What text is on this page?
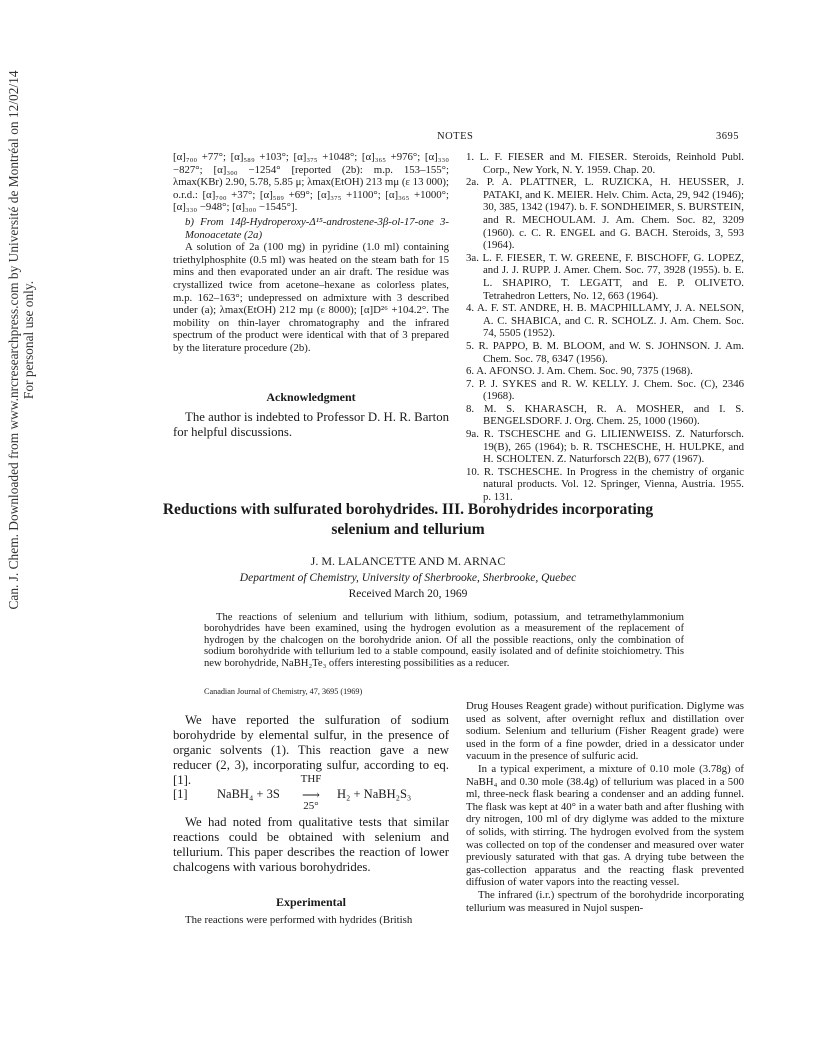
Can. J. Chem. Downloaded from www.nrcresearchpress.com by Université de Montréal on 12/02/14 For personal use only.
NOTES	3695

[α]₇₀₀ +77°; [α]₅₈₉ +103°; [α]₃₇₅ +1048°; [α]₃₆₅ +976°; [α]₃₃₀ −827°; [α]₃₀₀ −1254° [reported (2b): m.p. 153–155°; λmax(KBr) 2.90, 5.78, 5.85 μ; λmax(EtOH) 213 mμ (ε 13 000); o.r.d.: [α]₇₀₀ +37°; [α]₅₈₉ +69°; [α]₃₇₅ +1100°; [α]₃₆₅ +1000°; [α]₃₃₀ −948°; [α]₃₀₀ −1545°].

b) From 14β-Hydroperoxy-Δ¹⁵-androstene-3β-ol-17-one 3-Monoacetate (2a)

A solution of 2a (100 mg) in pyridine (1.0 ml) containing triethylphosphite (0.5 ml) was heated on the steam bath for 15 mins and then evaporated under an air draft. The residue was crystallized twice from acetone–hexane as colorless plates, m.p. 162–163°; undepressed on admixture with 3 described under (a); λmax(EtOH) 212 mμ (ε 8000); [α]D²⁶ +104.2°. The mobility on thin-layer chromatography and the infrared spectrum of the product were identical with that of 3 prepared by the literature procedure (2b).

Acknowledgment
The author is indebted to Professor D. H. R. Barton for helpful discussions.
1. L. F. FIESER and M. FIESER. Steroids, Reinhold Publ. Corp., New York, N. Y. 1959. Chap. 20.
2a. P. A. PLATTNER, L. RUZICKA, H. HEUSSER, J. PATAKI, and K. MEIER. Helv. Chim. Acta, 29, 942 (1946); 30, 385, 1342 (1947). b. F. SONDHEIMER, S. BURSTEIN, and R. MECHOULAM. J. Am. Chem. Soc. 82, 3209 (1960). c. C. R. ENGEL and G. BACH. Steroids, 3, 593 (1964).
3a. L. F. FIESER, T. W. GREENE, F. BISCHOFF, G. LOPEZ, and J. J. RUPP. J. Amer. Chem. Soc. 77, 3928 (1955). b. E. L. SHAPIRO, T. LEGATT, and E. P. OLIVETO. Tetrahedron Letters, No. 12, 663 (1964).
4. A. F. ST. ANDRE, H. B. MACPHILLAMY, J. A. NELSON, A. C. SHABICA, and C. R. SCHOLZ. J. Am. Chem. Soc. 74, 5505 (1952).
5. R. PAPPO, B. M. BLOOM, and W. S. JOHNSON. J. Am. Chem. Soc. 78, 6347 (1956).
6. A. AFONSO. J. Am. Chem. Soc. 90, 7375 (1968).
7. P. J. SYKES and R. W. KELLY. J. Chem. Soc. (C), 2346 (1968).
8. M. S. KHARASCH, R. A. MOSHER, and I. S. BENGELSDORF. J. Org. Chem. 25, 1000 (1960).
9a. R. TSCHESCHE and G. LILIENWEISS. Z. Naturforsch. 19(B), 265 (1964); b. R. TSCHESCHE, H. HULPKE, and H. SCHOLTEN. Z. Naturforsch 22(B), 677 (1967).
10. R. TSCHESCHE. In Progress in the chemistry of organic natural products. Vol. 12. Springer, Vienna, Austria. 1955. p. 131.
Reductions with sulfurated borohydrides. III. Borohydrides incorporating selenium and tellurium
J. M. LALANCETTE AND M. ARNAC
Department of Chemistry, University of Sherbrooke, Sherbrooke, Quebec
Received March 20, 1969
The reactions of selenium and tellurium with lithium, sodium, potassium, and tetramethylammonium borohydrides have been examined, using the hydrogen evolution as a measurement of the replacement of hydrogen by the chalcogen on the borohydride anion. Of all the possible reactions, only the combination of sodium borohydride with tellurium led to a stable compound, easily isolated and of definite stoichiometry. This new borohydride, NaBH₂Te₃ offers interesting possibilities as a reducer.
Canadian Journal of Chemistry, 47, 3695 (1969)
We have reported the sulfuration of sodium borohydride by elemental sulfur, in the presence of organic solvents (1). This reaction gave a new reducer (2, 3), incorporating sulfur, according to eq. [1].
[1] NaBH₄ + 3S
THF
⟶
25°
H₂ + NaBH₂S₃
We had noted from qualitative tests that similar reactions could be obtained with selenium and tellurium. This paper describes the reaction of lower chalcogens with various borohydrides.
Experimental
The reactions were performed with hydrides (British

Drug Houses Reagent grade) without purification. Diglyme was used as solvent, after overnight reflux and distillation over sodium. Selenium and tellurium (Fisher Reagent grade) were used in the form of a fine powder, dried in a dessicator under vacuum in the presence of sulfuric acid.

In a typical experiment, a mixture of 0.10 mole (3.78g) of NaBH₄ and 0.30 mole (38.4g) of tellurium was placed in a 500 ml, three-neck flask bearing a condenser and an adding funnel. The flask was kept at 40° in a water bath and after flushing with dry nitrogen, 100 ml of dry diglyme was added to the mixture of solids, with stirring. The hydrogen evolved from the system was collected on top of the condenser and measured over water previously saturated with that gas. A drying tube between the gas-collection apparatus and the reacting flask prevented diffusion of water vapors into the reacting vessel.

The infrared (i.r.) spectrum of the borohydride incorporating tellurium was measured in Nujol suspen-
